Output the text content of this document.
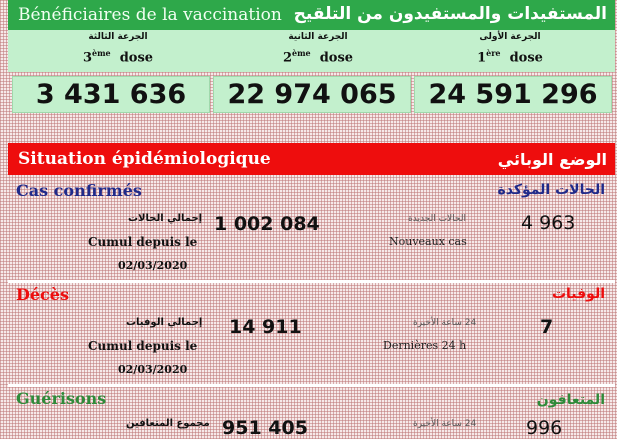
Bénéficiaires de la vaccination المستفيدات والمستفيدون من التلقيح
الجرعة الثالثة
3ème dose
الجرعة الثانية
2ème dose
الجرعة الأولى
1ère dose
3 431 636	22 974 065	24 591 296
Situation épidémiologique	الوضع الوبائي
Cas confirmés	الحالات المؤكدة
إجمالي الحالات
Cumul depuis le
02/03/2020
1 002 084	الحالات الجديدة
Nouveaux cas
4 963
Décès	الوفيات
إجمالي الوفيات
Cumul depuis le
02/03/2020
14 911	24 ساعة الأخيرة
Dernières 24 h
7
Guérisons	المتعافون
مجموع المتعافين 951 405	24 ساعة الأخيرة	996
